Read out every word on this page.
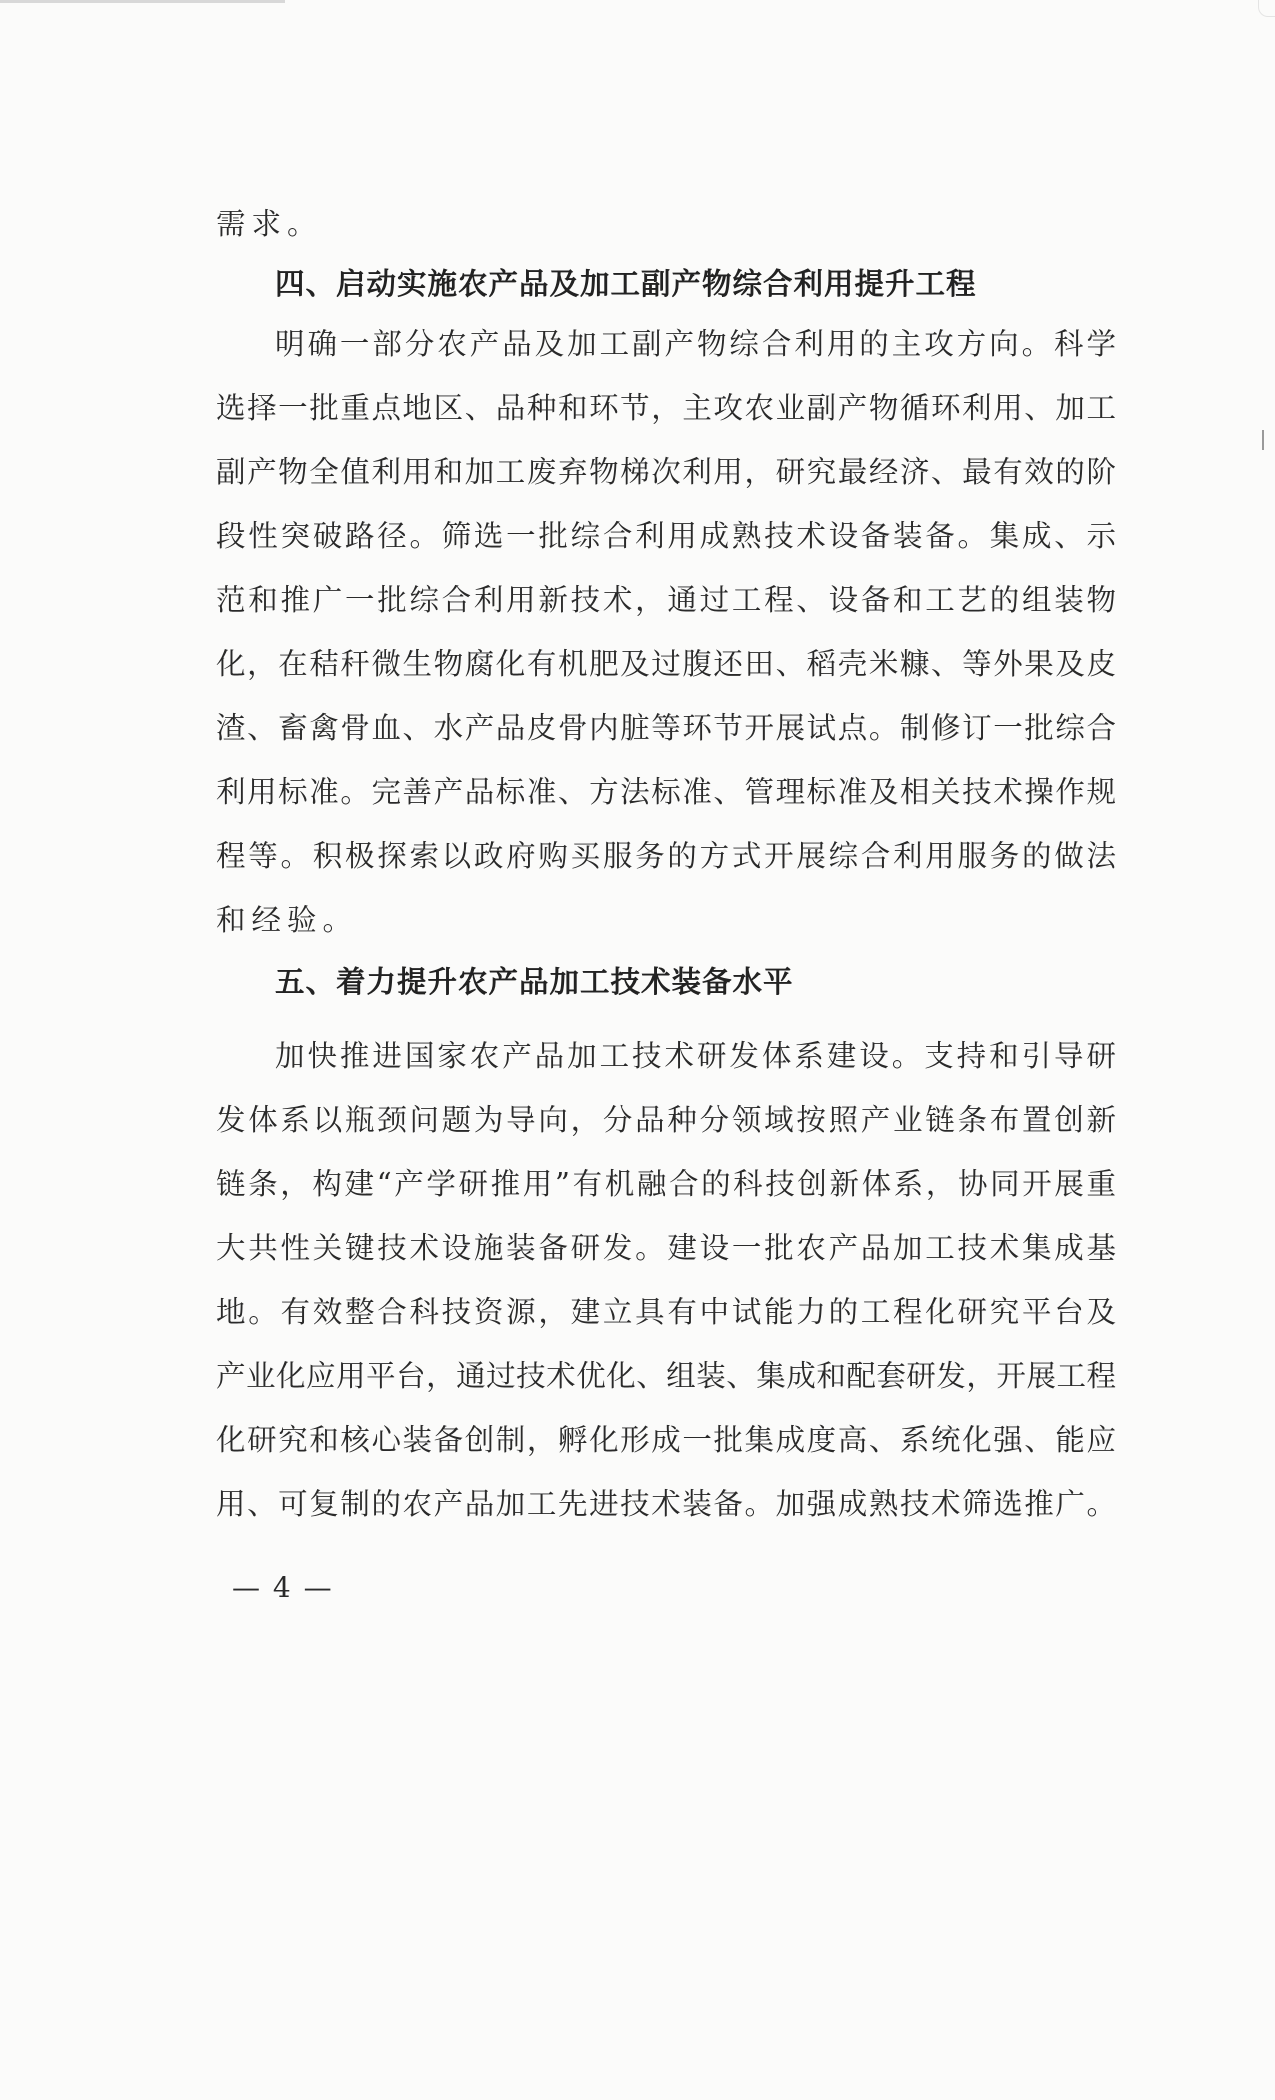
需求。
四、启动实施农产品及加工副产物综合利用提升工程
明确一部分农产品及加工副产物综合利用的主攻方向。科学
选择一批重点地区、品种和环节，主攻农业副产物循环利用、加工
副产物全值利用和加工废弃物梯次利用，研究最经济、最有效的阶
段性突破路径。筛选一批综合利用成熟技术设备装备。集成、示
范和推广一批综合利用新技术，通过工程、设备和工艺的组装物
化，在秸秆微生物腐化有机肥及过腹还田、稻壳米糠、等外果及皮
渣、畜禽骨血、水产品皮骨内脏等环节开展试点。制修订一批综合
利用标准。完善产品标准、方法标准、管理标准及相关技术操作规
程等。积极探索以政府购买服务的方式开展综合利用服务的做法
和经验。
五、着力提升农产品加工技术装备水平
加快推进国家农产品加工技术研发体系建设。支持和引导研
发体系以瓶颈问题为导向，分品种分领域按照产业链条布置创新
链条，构建“产学研推用”有机融合的科技创新体系，协同开展重
大共性关键技术设施装备研发。建设一批农产品加工技术集成基
地。有效整合科技资源，建立具有中试能力的工程化研究平台及
产业化应用平台，通过技术优化、组装、集成和配套研发，开展工程
化研究和核心装备创制，孵化形成一批集成度高、系统化强、能应
用、可复制的农产品加工先进技术装备。加强成熟技术筛选推广。
— 4 —
